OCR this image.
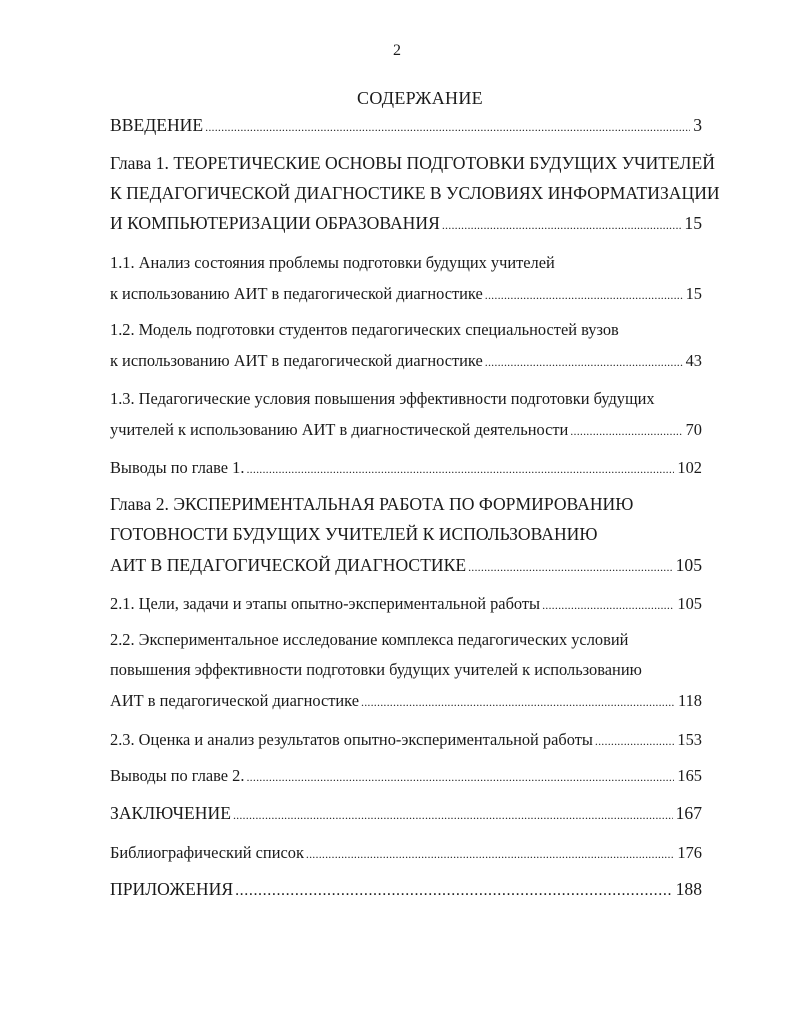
2
СОДЕРЖАНИЕ
ВВЕДЕНИЕ .....	3
Глава 1. ТЕОРЕТИЧЕСКИЕ ОСНОВЫ ПОДГОТОВКИ БУДУЩИХ УЧИТЕЛЕЙ
К ПЕДАГОГИЧЕСКОЙ ДИАГНОСТИКЕ В УСЛОВИЯХ ИНФОРМАТИЗАЦИИ
И КОМПЬЮТЕРИЗАЦИИ ОБРАЗОВАНИЯ .....	15
1.1. Анализ состояния проблемы подготовки будущих учителей
к использованию АИТ в педагогической диагностике .....	15
1.2. Модель подготовки студентов педагогических специальностей вузов
к использованию АИТ в педагогической диагностике .....	43
1.3. Педагогические условия повышения эффективности подготовки будущих
учителей к использованию АИТ в диагностической деятельности .....	70
Выводы по главе 1. .....	102
Глава 2. ЭКСПЕРИМЕНТАЛЬНАЯ РАБОТА ПО ФОРМИРОВАНИЮ
ГОТОВНОСТИ БУДУЩИХ УЧИТЕЛЕЙ К ИСПОЛЬЗОВАНИЮ
АИТ В ПЕДАГОГИЧЕСКОЙ ДИАГНОСТИКЕ .....	105
2.1. Цели, задачи и этапы опытно-экспериментальной работы .....	105
2.2. Экспериментальное исследование комплекса педагогических условий
повышения эффективности подготовки будущих учителей к использованию
АИТ в педагогической диагностике .....	118
2.3. Оценка и анализ результатов опытно-экспериментальной работы .....	153
Выводы по главе 2. .....	165
ЗАКЛЮЧЕНИЕ .....	167
Библиографический список .....	176
ПРИЛОЖЕНИЯ .....	188
